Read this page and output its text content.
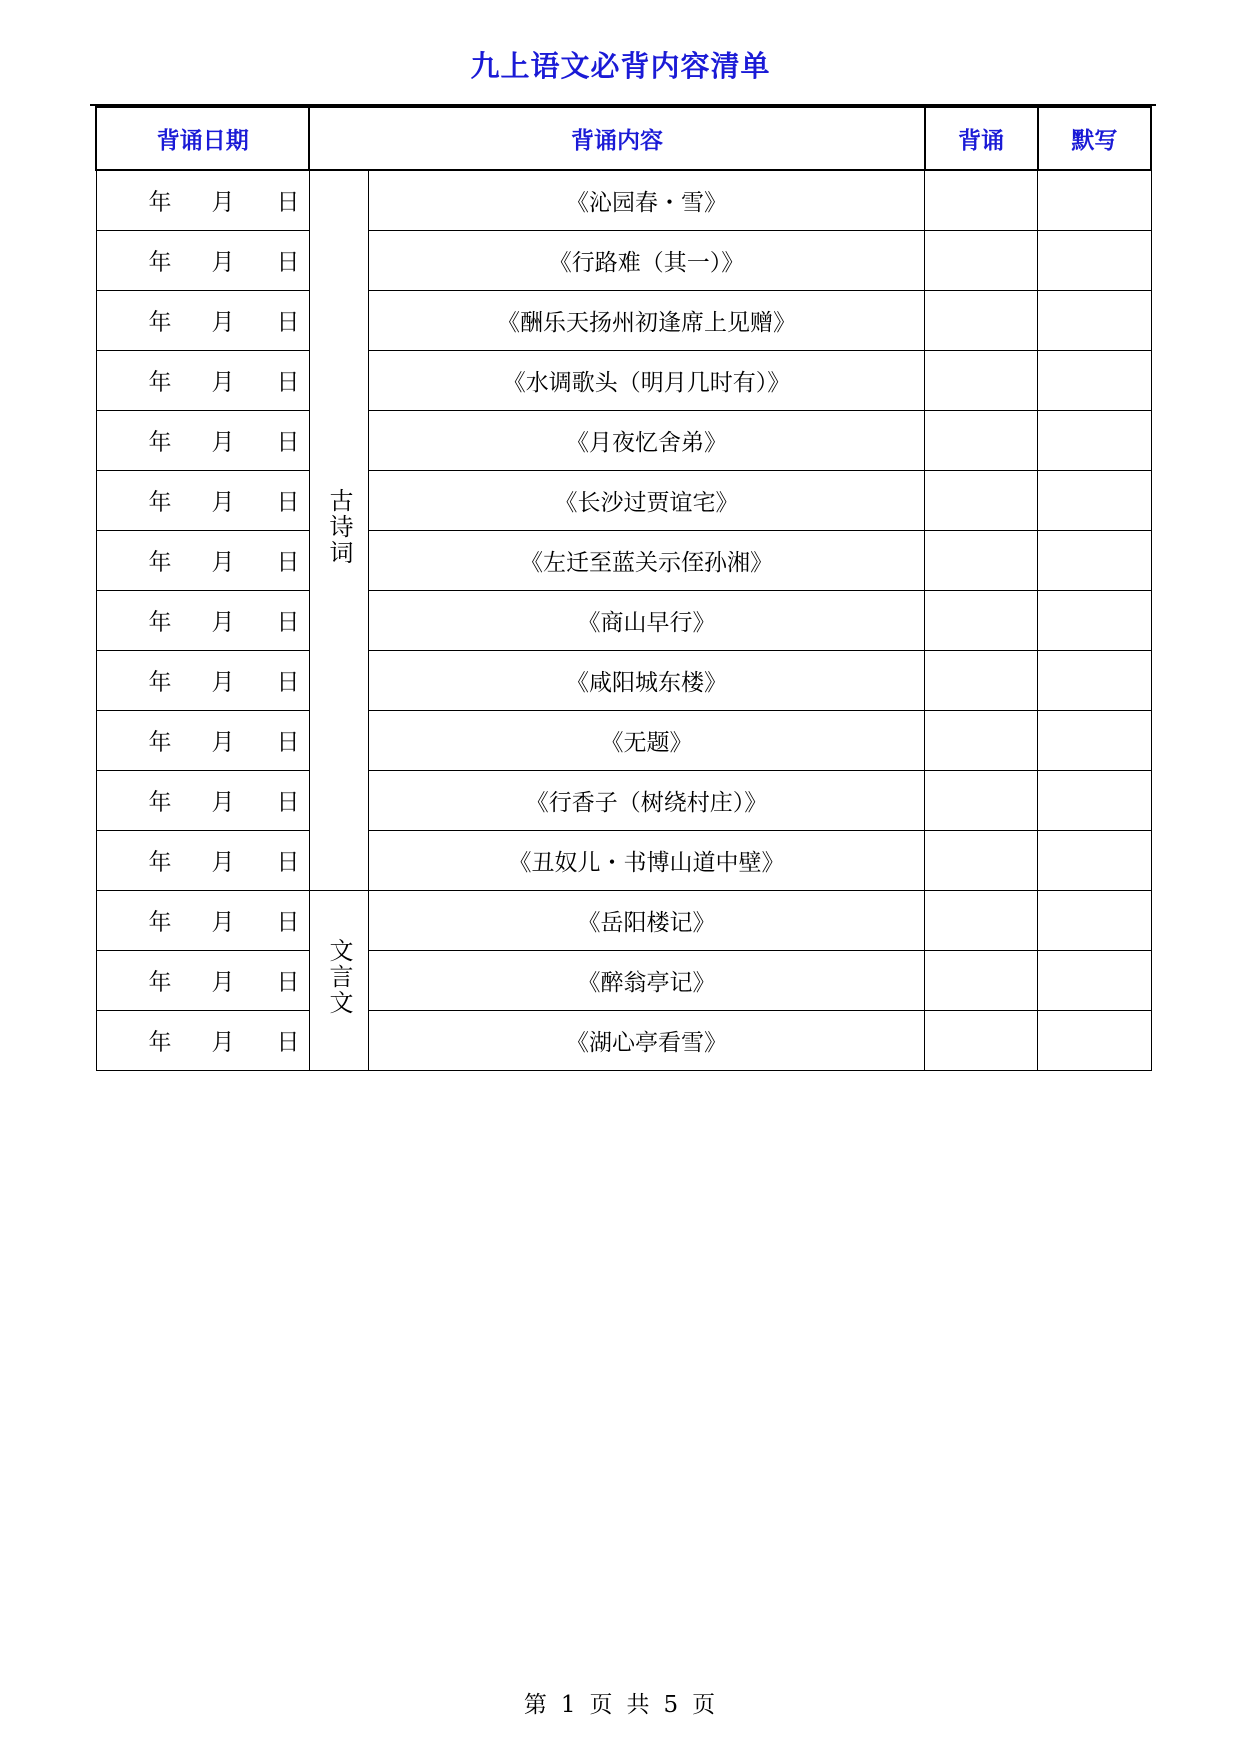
九上语文必背内容清单
背诵日期	背诵内容		背诵	默写

年 月 日	古诗词	《沁园春・雪》		

年 月 日		《行路难（其一）》		

年 月 日		《酬乐天扬州初逢席上见赠》		

年 月 日		《水调歌头（明月几时有）》		

年 月 日		《月夜忆舍弟》		

年 月 日		《长沙过贾谊宅》		

年 月 日		《左迁至蓝关示侄孙湘》		

年 月 日		《商山早行》		

年 月 日		《咸阳城东楼》		

年 月 日		《无题》		

年 月 日		《行香子（树绕村庄）》		

年 月 日		《丑奴儿・书博山道中壁》		

年 月 日	文言文	《岳阳楼记》		

年 月 日		《醉翁亭记》		

年 月 日		《湖心亭看雪》		
第 1 页 共 5 页
